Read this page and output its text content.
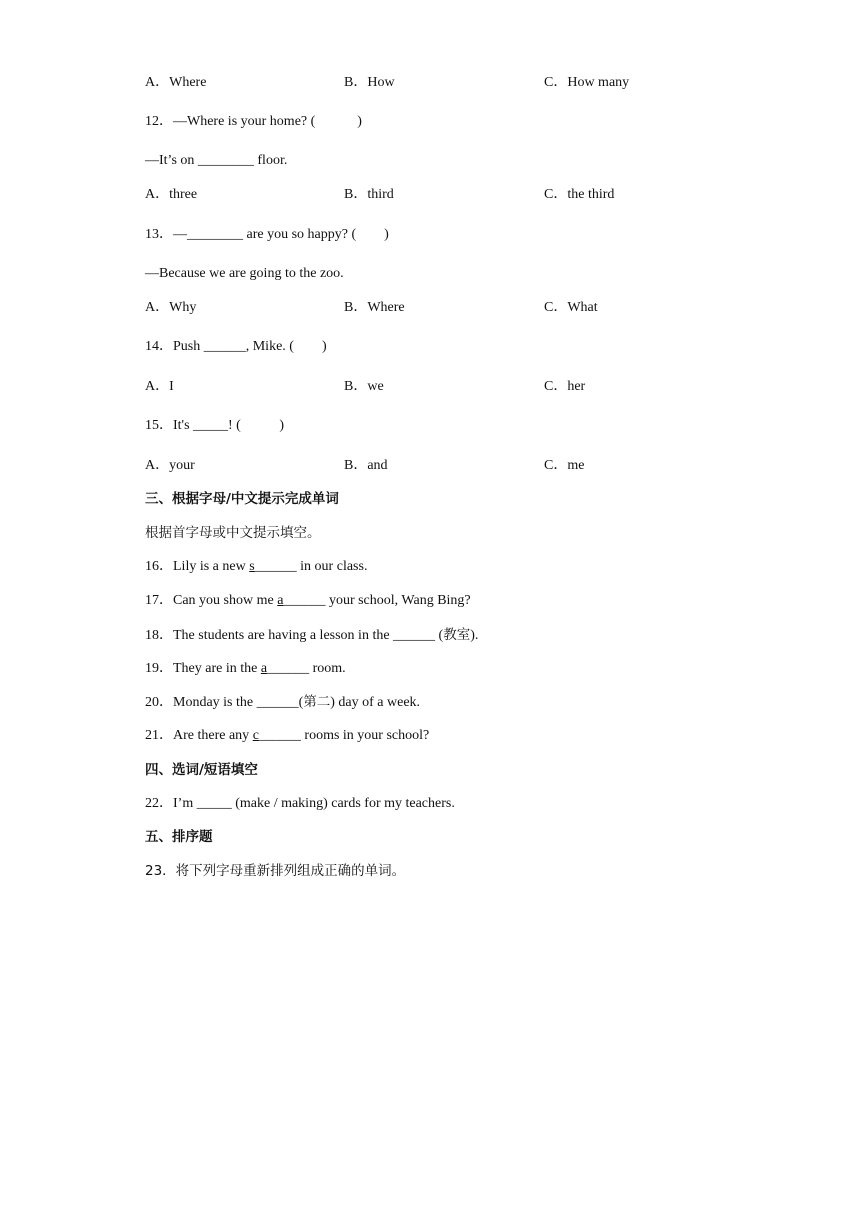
A．Where	B．How	C．How many
12．—Where is your home? (            )
—It’s on ________ floor.
A．three	B．third	C．the third
13．—________ are you so happy? (        )
—Because we are going to the zoo.
A．Why	B．Where	C．What
14．Push ______, Mike. (        )
A．I	B．we	C．her
15．It's _____! (           )
A．your	B．and	C．me
三、根据字母/中文提示完成单词
根据首字母或中文提示填空。
16．Lily is a new s______ in our class.
17．Can you show me a______ your school, Wang Bing?
18．The students are having a lesson in the ______ (教室).
19．They are in the a______ room.
20．Monday is the ______(第二) day of a week.
21．Are there any c______ rooms in your school?
四、选词/短语填空
22．I’m _____ (make / making) cards for my teachers.
五、排序题
23．将下列字母重新排列组成正确的单词。
